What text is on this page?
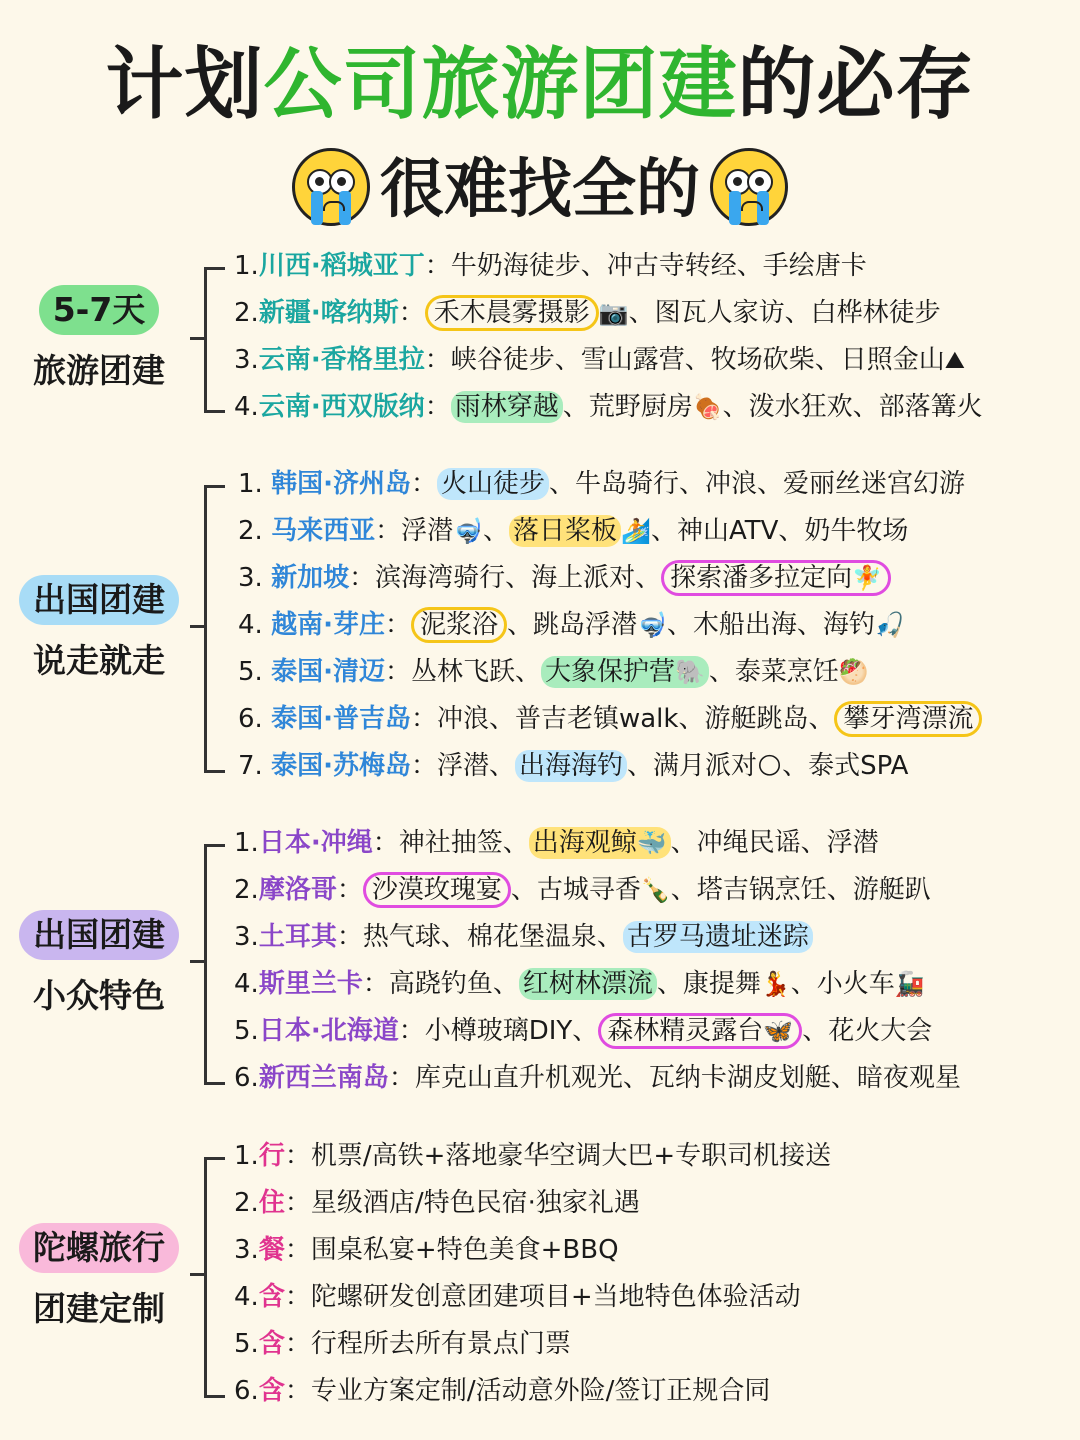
计划公司旅游团建的必存
很难找全的
5-7天
旅游团建
1.川西·稻城亚丁：牛奶海徒步、冲古寺转经、手绘唐卡
2.新疆·喀纳斯： 禾木晨雾摄影 📷、图瓦人家访、白桦林徒步
3.云南·香格里拉：峡谷徒步、雪山露营、牧场砍柴、日照金山⛰
4.云南·西双版纳： 雨林穿越 、荒野厨房🍖、泼水狂欢、部落篝火
出国团建
说走就走
1. 韩国·济州岛： 火山徒步 、牛岛骑行、冲浪、爱丽丝迷宫幻游
2. 马来西亚：浮潜🤿、 落日桨板 🏄、神山ATV、奶牛牧场
3. 新加坡：滨海湾骑行、海上派对、 探索潘多拉定向🧚
4. 越南·芽庄： 泥浆浴 、跳岛浮潜🤿、木船出海、海钓🎣
5. 泰国·清迈：丛林飞跃、 大象保护营🐘 、泰菜烹饪🥙
6. 泰国·普吉岛：冲浪、普吉老镇walk、游艇跳岛、 攀牙湾漂流
7. 泰国·苏梅岛：浮潜、 出海海钓 、满月派对🌕、泰式SPA
出国团建
小众特色
1.日本·冲绳：神社抽签、 出海观鲸🐳 、冲绳民谣、浮潜
2.摩洛哥： 沙漠玫瑰宴 、古城寻香🍾、塔吉锅烹饪、游艇趴
3.土耳其：热气球、棉花堡温泉、 古罗马遗址迷踪
4.斯里兰卡：高跷钓鱼、 红树林漂流 、康提舞💃、小火车🚂
5.日本·北海道：小樽玻璃DIY、 森林精灵露台🦋 、花火大会
6.新西兰南岛：库克山直升机观光、瓦纳卡湖皮划艇、暗夜观星
陀螺旅行
团建定制
1.行：机票/高铁+落地豪华空调大巴+专职司机接送
2.住：星级酒店/特色民宿·独家礼遇
3.餐：围桌私宴+特色美食+BBQ
4.含：陀螺研发创意团建项目+当地特色体验活动
5.含：行程所去所有景点门票
6.含：专业方案定制/活动意外险/签订正规合同
